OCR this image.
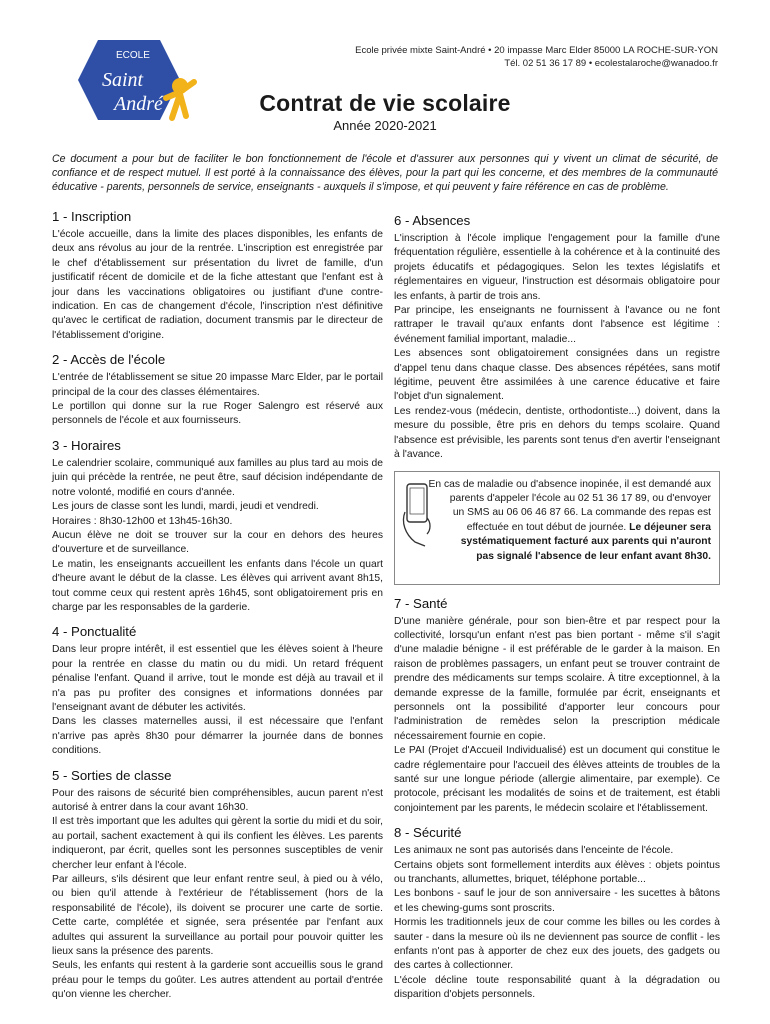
ECOLE
Saint
André
Ecole privée mixte Saint-André • 20 impasse Marc Elder 85000 LA ROCHE-SUR-YON
Tél. 02 51 36 17 89 • ecolestalaroche@wanadoo.fr
Contrat de vie scolaire
Année 2020-2021

Ce document a pour but de faciliter le bon fonctionnement de l'école et d'assurer aux personnes qui y vivent un climat de sécurité, de confiance et de respect mutuel. Il est porté à la connaissance des élèves, pour la part qui les concerne, et des membres de la communauté éducative - parents, personnels de service, enseignants - auxquels il s'impose, et qui peuvent y faire référence en cas de problème.

1 - Inscription

L'école accueille, dans la limite des places disponibles, les enfants de deux ans révolus au jour de la rentrée. L'inscription est enregistrée par le chef d'établissement sur présentation du livret de famille, d'un justificatif récent de domicile et de la fiche attestant que l'enfant est à jour dans les vaccinations obligatoires ou justifiant d'une contre-indication. En cas de changement d'école, l'inscription n'est définitive qu'avec le certificat de radiation, document transmis par le directeur de l'établissement d'origine.

2 - Accès de l'école

L'entrée de l'établissement se situe 20 impasse Marc Elder, par le portail principal de la cour des classes élémentaires.
Le portillon qui donne sur la rue Roger Salengro est réservé aux personnels de l'école et aux fournisseurs.

3 - Horaires

Le calendrier scolaire, communiqué aux familles au plus tard au mois de juin qui précède la rentrée, ne peut être, sauf décision indépendante de notre volonté, modifié en cours d'année.
Les jours de classe sont les lundi, mardi, jeudi et vendredi.
Horaires : 8h30-12h00 et 13h45-16h30.
Aucun élève ne doit se trouver sur la cour en dehors des heures d'ouverture et de surveillance.
Le matin, les enseignants accueillent les enfants dans l'école un quart d'heure avant le début de la classe. Les élèves qui arrivent avant 8h15, tout comme ceux qui restent après 16h45, sont obligatoirement pris en charge par les responsables de la garderie.

4 - Ponctualité

Dans leur propre intérêt, il est essentiel que les élèves soient à l'heure pour la rentrée en classe du matin ou du midi. Un retard fréquent pénalise l'enfant. Quand il arrive, tout le monde est déjà au travail et il n'a pas pu profiter des consignes et informations données par l'enseignant avant de débuter les activités.
Dans les classes maternelles aussi, il est nécessaire que l'enfant n'arrive pas après 8h30 pour démarrer la journée dans de bonnes conditions.

5 - Sorties de classe

Pour des raisons de sécurité bien compréhensibles, aucun parent n'est autorisé à entrer dans la cour avant 16h30.
Il est très important que les adultes qui gèrent la sortie du midi et du soir, au portail, sachent exactement à qui ils confient les élèves. Les parents indiqueront, par écrit, quelles sont les personnes susceptibles de venir chercher leur enfant à l'école.
Par ailleurs, s'ils désirent que leur enfant rentre seul, à pied ou à vélo, ou bien qu'il attende à l'extérieur de l'établissement (hors de la responsabilité de l'école), ils doivent se procurer une carte de sortie. Cette carte, complétée et signée, sera présentée par l'enfant aux adultes qui assurent la surveillance au portail pour pouvoir quitter les lieux sans la présence des parents.
Seuls, les enfants qui restent à la garderie sont accueillis sous le grand préau pour le temps du goûter. Les autres attendent au portail d'entrée qu'on vienne les chercher.

6 - Absences

L'inscription à l'école implique l'engagement pour la famille d'une fréquentation régulière, essentielle à la cohérence et à la continuité des projets éducatifs et pédagogiques. Selon les textes législatifs et réglementaires en vigueur, l'instruction est désormais obligatoire pour les enfants, à partir de trois ans.
Par principe, les enseignants ne fournissent à l'avance ou ne font rattraper le travail qu'aux enfants dont l'absence est légitime : événement familial important, maladie...
Les absences sont obligatoirement consignées dans un registre d'appel tenu dans chaque classe. Des absences répétées, sans motif légitime, peuvent être assimilées à une carence éducative et faire l'objet d'un signalement.
Les rendez-vous (médecin, dentiste, orthodontiste...) doivent, dans la mesure du possible, être pris en dehors du temps scolaire. Quand l'absence est prévisible, les parents sont tenus d'en avertir l'enseignant à l'avance.

En cas de maladie ou d'absence inopinée, il est demandé aux
parents d'appeler l'école au 02 51 36 17 89, ou d'envoyer
un SMS au 06 06 46 87 66. La commande des repas est
effectuée en tout début de journée. Le déjeuner sera
systématiquement facturé aux parents qui n'auront
pas signalé l'absence de leur enfant avant 8h30.
7 - Santé

D'une manière générale, pour son bien-être et par respect pour la collectivité, lorsqu'un enfant n'est pas bien portant - même s'il s'agit d'une maladie bénigne - il est préférable de le garder à la maison. En raison de problèmes passagers, un enfant peut se trouver contraint de prendre des médicaments sur temps scolaire. À titre exceptionnel, à la demande expresse de la famille, formulée par écrit, enseignants et personnels ont la possibilité d'apporter leur concours pour l'administration de remèdes selon la prescription médicale nécessairement fournie en copie.
Le PAI (Projet d'Accueil Individualisé) est un document qui constitue le cadre réglementaire pour l'accueil des élèves atteints de troubles de la santé sur une longue période (allergie alimentaire, par exemple). Ce protocole, précisant les modalités de soins et de traitement, est établi conjointement par les parents, le médecin scolaire et l'établissement.

8 - Sécurité

Les animaux ne sont pas autorisés dans l'enceinte de l'école.
Certains objets sont formellement interdits aux élèves : objets pointus ou tranchants, allumettes, briquet, téléphone portable...
Les bonbons - sauf le jour de son anniversaire - les sucettes à bâtons et les chewing-gums sont proscrits.
Hormis les traditionnels jeux de cour comme les billes ou les cordes à sauter - dans la mesure où ils ne deviennent pas source de conflit - les enfants n'ont pas à apporter de chez eux des jouets, des gadgets ou des cartes à collectionner.
L'école décline toute responsabilité quant à la dégradation ou disparition d'objets personnels.
